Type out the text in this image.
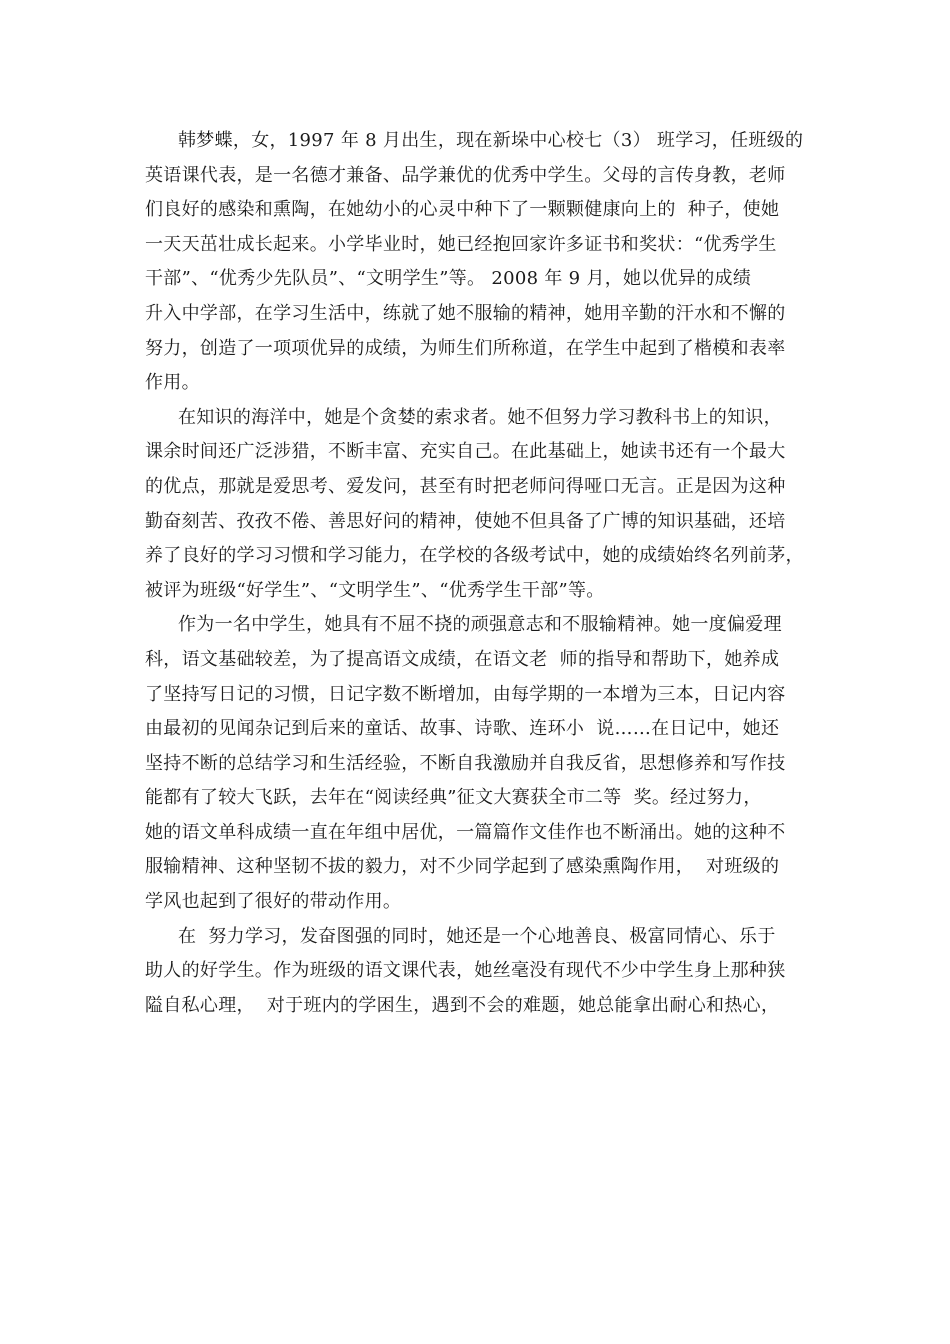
韩梦蝶，女，1997 年 8 月出生，现在新垛中心校七（3） 班学习，任班级的
英语课代表，是一名德才兼备、品学兼优的优秀中学生。父母的言传身教，老师
们良好的感染和熏陶，在她幼小的心灵中种下了一颗颗健康向上的  种子，使她
一天天茁壮成长起来。小学毕业时，她已经抱回家许多证书和奖状：“优秀学生
干部”、“优秀少先队员”、“文明学生”等。 2008 年 9 月，她以优异的成绩
升入中学部，在学习生活中，练就了她不服输的精神，她用辛勤的汗水和不懈的
努力，创造了一项项优异的成绩，为师生们所称道，在学生中起到了楷模和表率
作用。
在知识的海洋中，她是个贪婪的索求者。她不但努力学习教科书上的知识，
课余时间还广泛涉猎，不断丰富、充实自己。在此基础上，她读书还有一个最大
的优点，那就是爱思考、爱发问，甚至有时把老师问得哑口无言。正是因为这种
勤奋刻苦、孜孜不倦、善思好问的精神，使她不但具备了广博的知识基础，还培
养了良好的学习习惯和学习能力，在学校的各级考试中，她的成绩始终名列前茅，
被评为班级“好学生”、“文明学生”、“优秀学生干部”等。
作为一名中学生，她具有不屈不挠的顽强意志和不服输精神。她一度偏爱理
科，语文基础较差，为了提高语文成绩，在语文老  师的指导和帮助下，她养成
了坚持写日记的习惯，日记字数不断增加，由每学期的一本增为三本，日记内容
由最初的见闻杂记到后来的童话、故事、诗歌、连环小  说……在日记中，她还
坚持不断的总结学习和生活经验，不断自我激励并自我反省，思想修养和写作技
能都有了较大飞跃，去年在“阅读经典”征文大赛获全市二等  奖。经过努力，
她的语文单科成绩一直在年组中居优，一篇篇作文佳作也不断涌出。她的这种不
服输精神、这种坚韧不拔的毅力，对不少同学起到了感染熏陶作用，  对班级的
学风也起到了很好的带动作用。
在  努力学习，发奋图强的同时，她还是一个心地善良、极富同情心、乐于
助人的好学生。作为班级的语文课代表，她丝毫没有现代不少中学生身上那种狭
隘自私心理，  对于班内的学困生，遇到不会的难题，她总能拿出耐心和热心，
